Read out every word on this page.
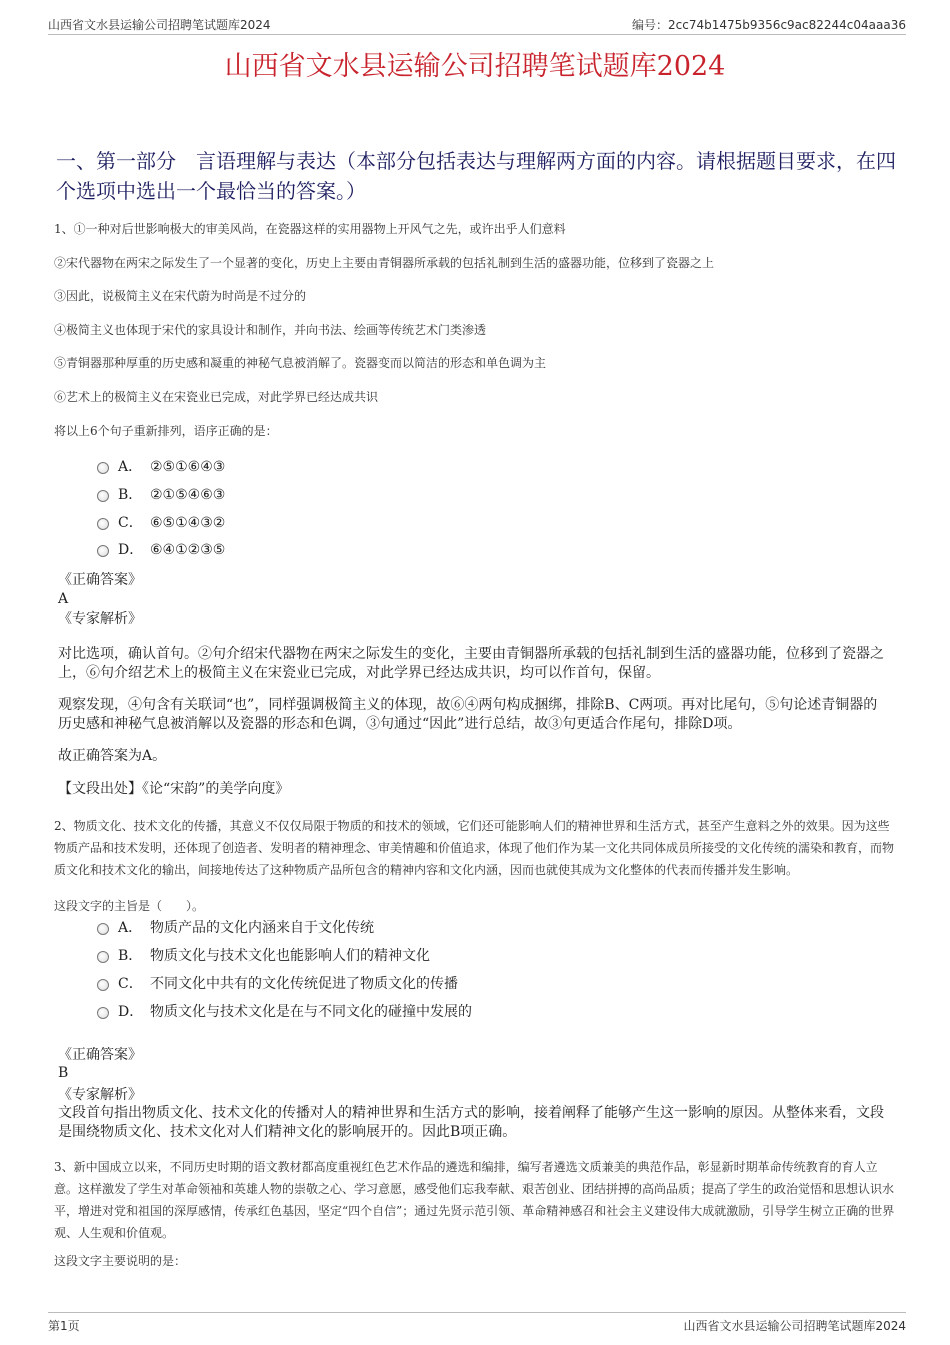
山西省文水县运输公司招聘笔试题库2024	编号：2cc74b1475b9356c9ac82244c04aaa36
山西省文水县运输公司招聘笔试题库2024
一、第一部分　言语理解与表达（本部分包括表达与理解两方面的内容。请根据题目要求，在四个选项中选出一个最恰当的答案。）
1、①一种对后世影响极大的审美风尚，在瓷器这样的实用器物上开风气之先，或许出乎人们意料
②宋代器物在两宋之际发生了一个显著的变化，历史上主要由青铜器所承载的包括礼制到生活的盛器功能，位移到了瓷器之上
③因此，说极简主义在宋代蔚为时尚是不过分的
④极简主义也体现于宋代的家具设计和制作，并向书法、绘画等传统艺术门类渗透
⑤青铜器那种厚重的历史感和凝重的神秘气息被消解了。瓷器变而以简洁的形态和单色调为主
⑥艺术上的极简主义在宋瓷业已完成，对此学界已经达成共识
将以上6个句子重新排列，语序正确的是：
A． ②⑤①⑥④③
B． ②①⑤④⑥③
C． ⑥⑤①④③②
D． ⑥④①②③⑤
《正确答案》
A
《专家解析》
对比选项，确认首句。②句介绍宋代器物在两宋之际发生的变化，主要由青铜器所承载的包括礼制到生活的盛器功能，位移到了瓷器之上，⑥句介绍艺术上的极简主义在宋瓷业已完成，对此学界已经达成共识，均可以作首句，保留。
观察发现，④句含有关联词“也”，同样强调极简主义的体现，故⑥④两句构成捆绑，排除B、C两项。再对比尾句，⑤句论述青铜器的历史感和神秘气息被消解以及瓷器的形态和色调，③句通过“因此”进行总结，故③句更适合作尾句，排除D项。
故正确答案为A。
【文段出处】《论“宋韵”的美学向度》
2、物质文化、技术文化的传播，其意义不仅仅局限于物质的和技术的领域，它们还可能影响人们的精神世界和生活方式，甚至产生意料之外的效果。因为这些物质产品和技术发明，还体现了创造者、发明者的精神理念、审美情趣和价值追求，体现了他们作为某一文化共同体成员所接受的文化传统的濡染和教育，而物质文化和技术文化的输出，间接地传达了这种物质产品所包含的精神内容和文化内涵，因而也就使其成为文化整体的代表而传播并发生影响。
这段文字的主旨是（　　）。
A． 物质产品的文化内涵来自于文化传统
B． 物质文化与技术文化也能影响人们的精神文化
C． 不同文化中共有的文化传统促进了物质文化的传播
D． 物质文化与技术文化是在与不同文化的碰撞中发展的
《正确答案》
B
《专家解析》
文段首句指出物质文化、技术文化的传播对人的精神世界和生活方式的影响，接着阐释了能够产生这一影响的原因。从整体来看，文段是围绕物质文化、技术文化对人们精神文化的影响展开的。因此B项正确。
3、新中国成立以来，不同历史时期的语文教材都高度重视红色艺术作品的遴选和编排，编写者遴选文质兼美的典范作品，彰显新时期革命传统教育的育人立意。这样激发了学生对革命领袖和英雄人物的崇敬之心、学习意愿，感受他们忘我奉献、艰苦创业、团结拼搏的高尚品质；提高了学生的政治觉悟和思想认识水平，增进对党和祖国的深厚感情，传承红色基因，坚定“四个自信”；通过先贤示范引领、革命精神感召和社会主义建设伟大成就激励，引导学生树立正确的世界观、人生观和价值观。
这段文字主要说明的是：
第1页	山西省文水县运输公司招聘笔试题库2024
